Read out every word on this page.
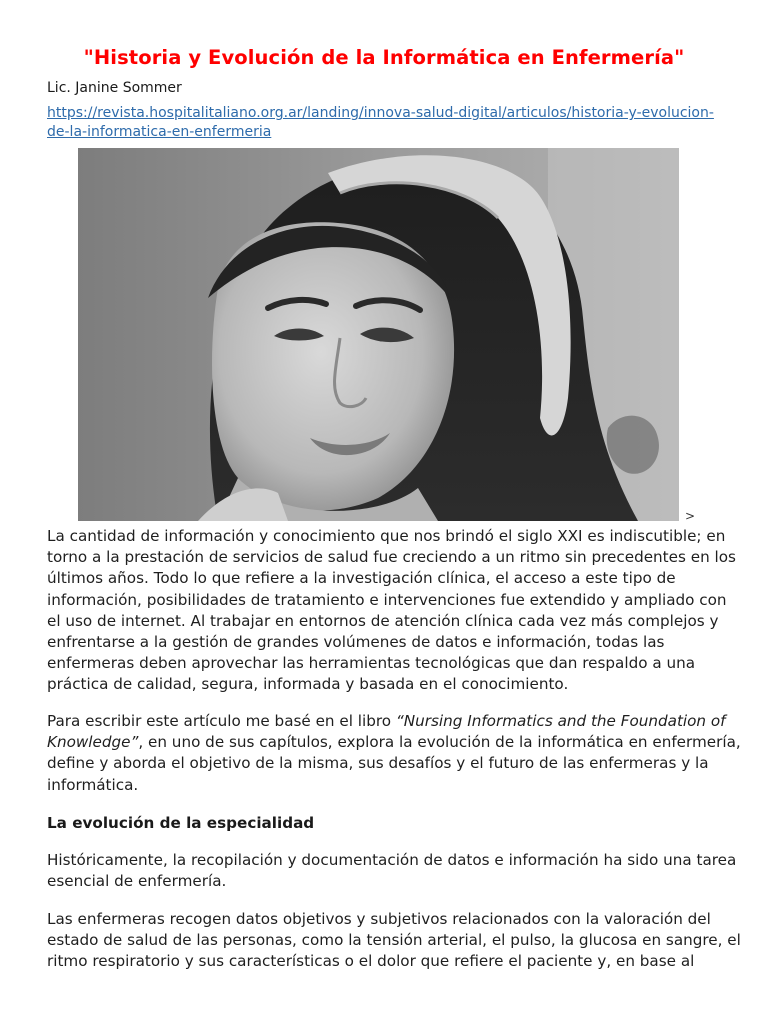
"Historia y Evolución de la Informática en Enfermería"

Lic. Janine Sommer

https://revista.hospitalitaliano.org.ar/landing/innova-salud-digital/articulos/historia-y-evolucion-
de-la-informatica-en-enfermeria
>

La cantidad de información y conocimiento que nos brindó el siglo XXI es indiscutible; en
torno a la prestación de servicios de salud fue creciendo a un ritmo sin precedentes en los
últimos años. Todo lo que refiere a la investigación clínica, el acceso a este tipo de
información, posibilidades de tratamiento e intervenciones fue extendido y ampliado con
el uso de internet. Al trabajar en entornos de atención clínica cada vez más complejos y
enfrentarse a la gestión de grandes volúmenes de datos e información, todas las
enfermeras deben aprovechar las herramientas tecnológicas que dan respaldo a una
práctica de calidad, segura, informada y basada en el conocimiento.

Para escribir este artículo me basé en el libro “Nursing Informatics and the Foundation of
Knowledge”, en uno de sus capítulos, explora la evolución de la informática en enfermería,
define y aborda el objetivo de la misma, sus desafíos y el futuro de las enfermeras y la
informática.

La evolución de la especialidad

Históricamente, la recopilación y documentación de datos e información ha sido una tarea
esencial de enfermería.

Las enfermeras recogen datos objetivos y subjetivos relacionados con la valoración del
estado de salud de las personas, como la tensión arterial, el pulso, la glucosa en sangre, el
ritmo respiratorio y sus características o el dolor que refiere el paciente y, en base al
